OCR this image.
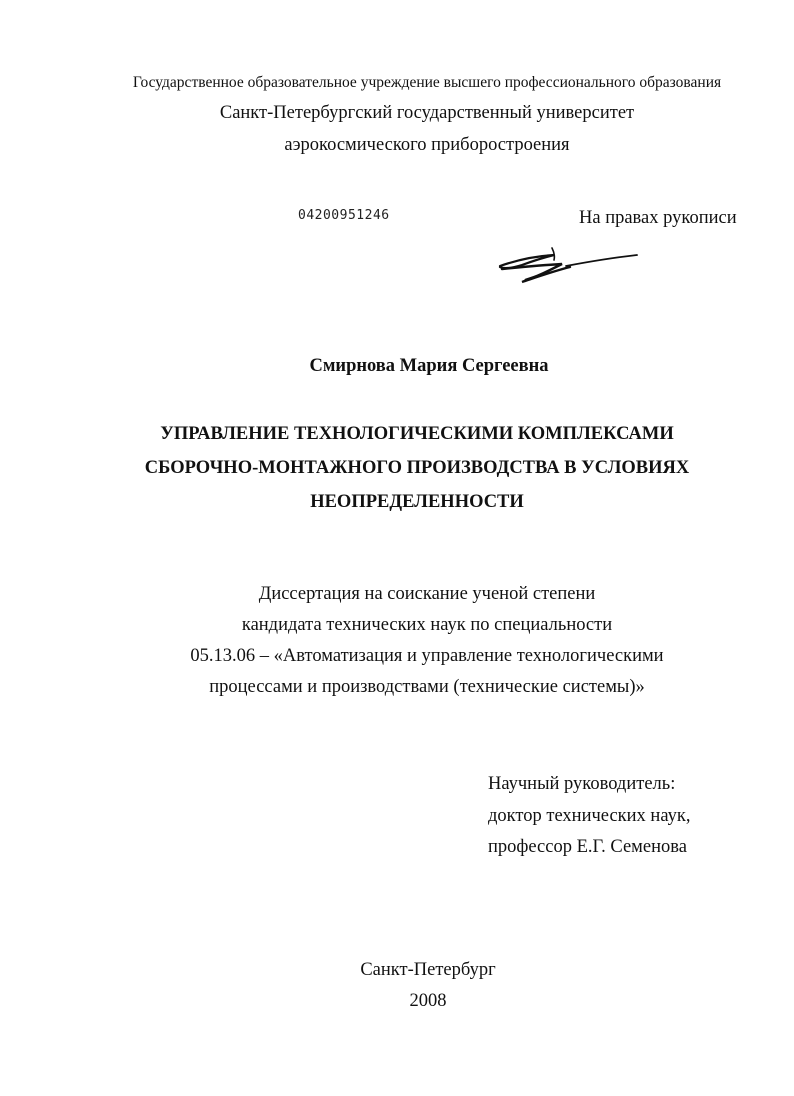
Государственное образовательное учреждение высшего профессионального образования
Санкт-Петербургский государственный университет
аэрокосмического приборостроения
04200951246	На правах рукописи
Смирнова Мария Сергеевна
УПРАВЛЕНИЕ ТЕХНОЛОГИЧЕСКИМИ КОМПЛЕКСАМИ
СБОРОЧНО-МОНТАЖНОГО ПРОИЗВОДСТВА В УСЛОВИЯХ
НЕОПРЕДЕЛЕННОСТИ
Диссертация на соискание ученой степени
кандидата технических наук по специальности
05.13.06 – «Автоматизация и управление технологическими
процессами и производствами (технические системы)»
Научный руководитель:
доктор технических наук,
профессор Е.Г. Семенова
Санкт-Петербург
2008
